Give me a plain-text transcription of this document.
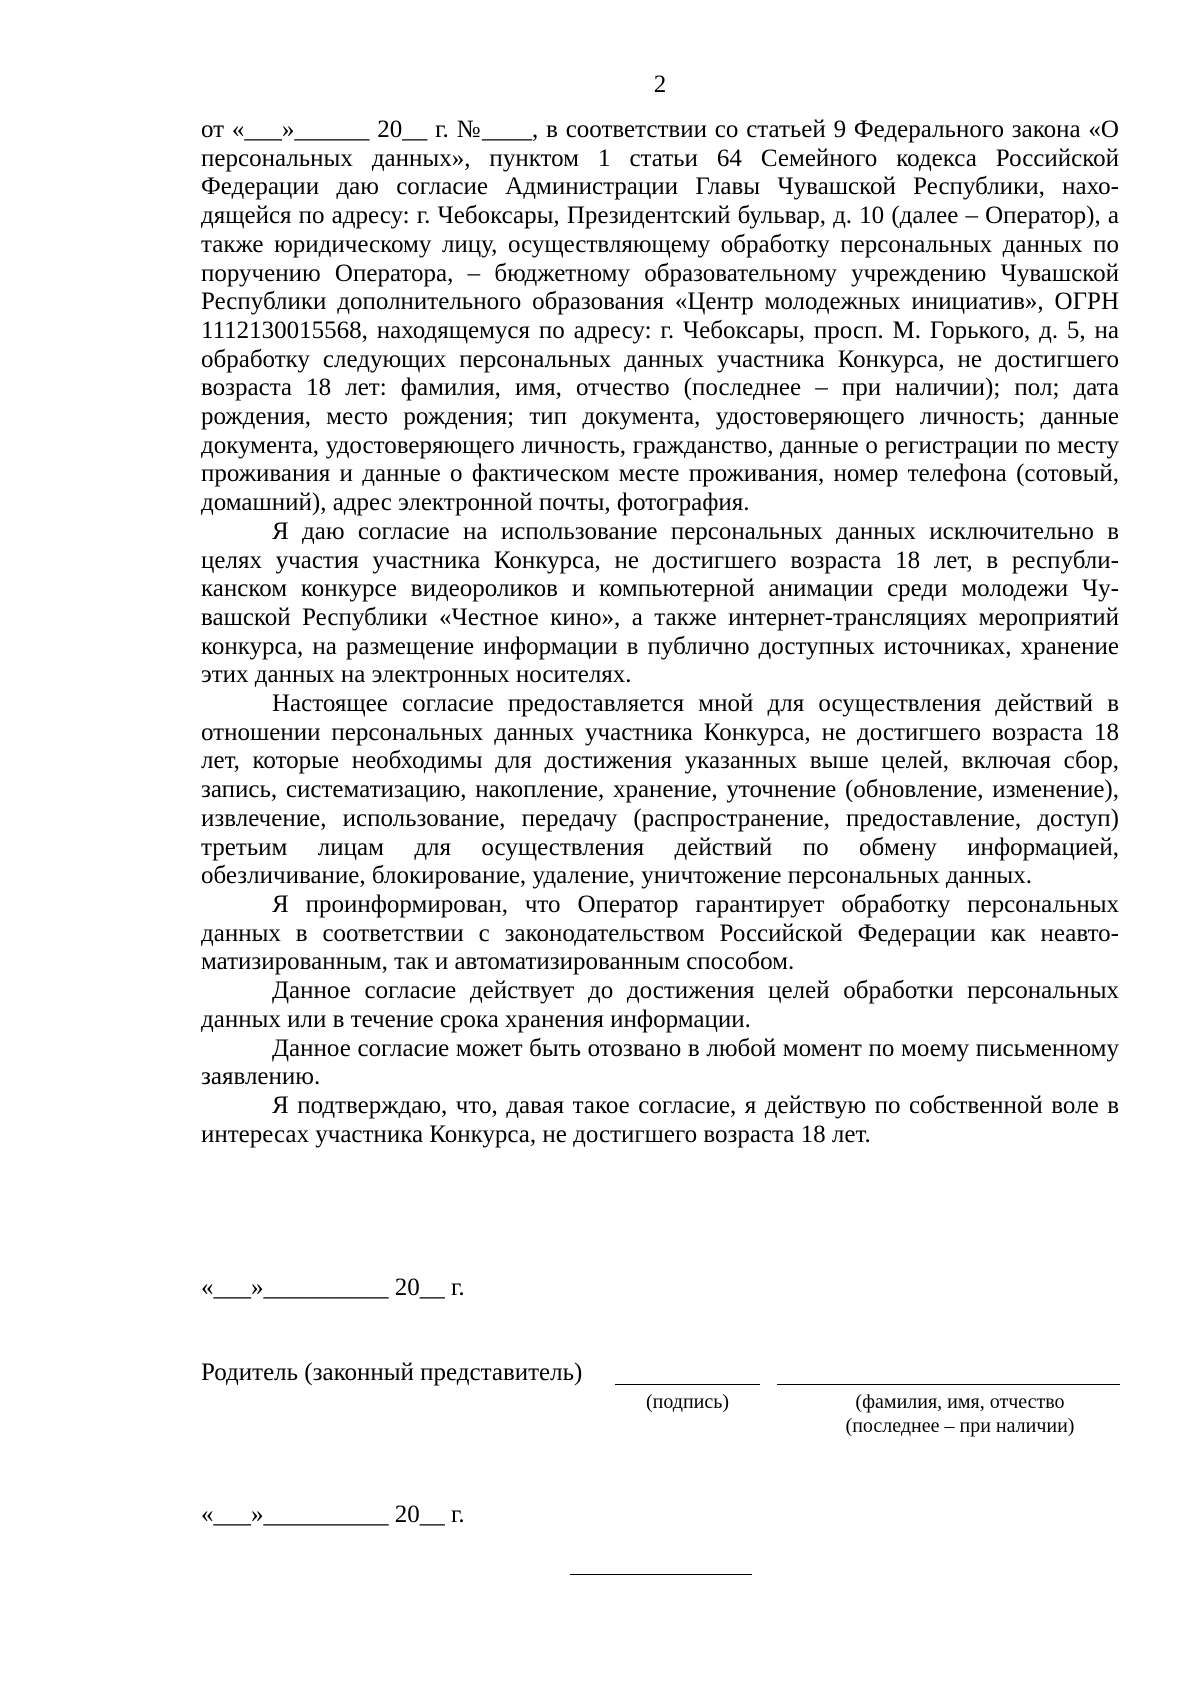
2

от «___»______ 20__ г. №____, в соответствии со статьей 9 Федерального закона «О персональных данных», пунктом 1 статьи 64 Семейного кодекса Российской Федерации даю согласие Администрации Главы Чувашской Республики, находящейся по адресу: г. Чебоксары, Президентский бульвар, д. 10 (далее – Оператор), а также юридическому лицу, осуществляющему обработку персональных данных по поручению Оператора, – бюджетному образовательному учреждению Чувашской Республики дополнительного образования «Центр молодежных инициатив», ОГРН 1112130015568, находящемуся по адресу: г. Чебоксары, просп. М. Горького, д. 5, на обработку следующих персональных данных участника Конкурса, не достигшего возраста 18 лет: фамилия, имя, отчество (последнее – при наличии); пол; дата рождения, место рождения; тип документа, удостоверяющего личность; данные документа, удостоверяющего личность, гражданство, данные о регистрации по месту проживания и данные о фактическом месте проживания, номер телефона (сотовый, домашний), адрес электронной почты, фотография.

Я даю согласие на использование персональных данных исключительно в целях участия участника Конкурса, не достигшего возраста 18 лет, в республиканском конкурсе видеороликов и компьютерной анимации среди молодежи Чувашской Республики «Честное кино», а также интернет-трансляциях мероприятий конкурса, на размещение информации в публично доступных источниках, хранение этих данных на электронных носителях.

Настоящее согласие предоставляется мной для осуществления действий в отношении персональных данных участника Конкурса, не достигшего возраста 18 лет, которые необходимы для достижения указанных выше целей, включая сбор, запись, систематизацию, накопление, хранение, уточнение (обновление, изменение), извлечение, использование, передачу (распространение, предоставление, доступ) третьим лицам для осуществления действий по обмену информацией, обезличивание, блокирование, удаление, уничтожение персональных данных.

Я проинформирован, что Оператор гарантирует обработку персональных данных в соответствии с законодательством Российской Федерации как неавтоматизированным, так и автоматизированным способом.

Данное согласие действует до достижения целей обработки персональных данных или в течение срока хранения информации.

Данное согласие может быть отозвано в любой момент по моему письменному заявлению.

Я подтверждаю, что, давая такое согласие, я действую по собственной воле в интересах участника Конкурса, не достигшего возраста 18 лет.

«___»__________ 20__ г.
Родитель (законный представитель)
(подпись)	(фамилия, имя, отчество
(последнее – при наличии)
«___»__________ 20__ г.
